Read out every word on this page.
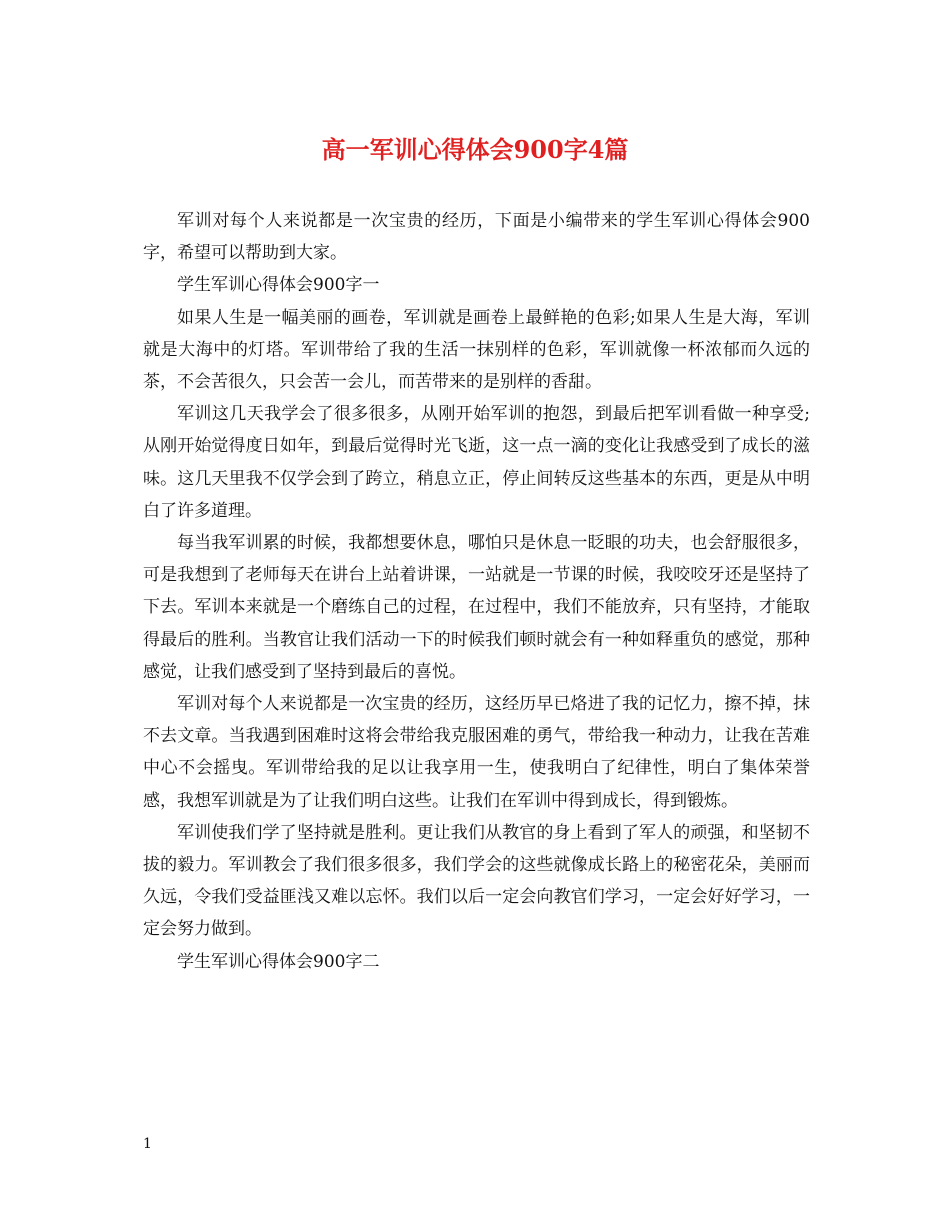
高一军训心得体会900字4篇

军训对每个人来说都是一次宝贵的经历，下面是小编带来的学生军训心得体会900字，希望可以帮助到大家。

学生军训心得体会900字一

如果人生是一幅美丽的画卷，军训就是画卷上最鲜艳的色彩;如果人生是大海，军训就是大海中的灯塔。军训带给了我的生活一抹别样的色彩，军训就像一杯浓郁而久远的茶，不会苦很久，只会苦一会儿，而苦带来的是别样的香甜。

军训这几天我学会了很多很多，从刚开始军训的抱怨，到最后把军训看做一种享受;从刚开始觉得度日如年，到最后觉得时光飞逝，这一点一滴的变化让我感受到了成长的滋味。这几天里我不仅学会到了跨立，稍息立正，停止间转反这些基本的东西，更是从中明白了许多道理。

每当我军训累的时候，我都想要休息，哪怕只是休息一眨眼的功夫，也会舒服很多，可是我想到了老师每天在讲台上站着讲课，一站就是一节课的时候，我咬咬牙还是坚持了下去。军训本来就是一个磨练自己的过程，在过程中，我们不能放弃，只有坚持，才能取得最后的胜利。当教官让我们活动一下的时候我们顿时就会有一种如释重负的感觉，那种感觉，让我们感受到了坚持到最后的喜悦。

军训对每个人来说都是一次宝贵的经历，这经历早已烙进了我的记忆力，擦不掉，抹不去文章。当我遇到困难时这将会带给我克服困难的勇气，带给我一种动力，让我在苦难中心不会摇曳。军训带给我的足以让我享用一生，使我明白了纪律性，明白了集体荣誉感，我想军训就是为了让我们明白这些。让我们在军训中得到成长，得到锻炼。

军训使我们学了坚持就是胜利。更让我们从教官的身上看到了军人的顽强，和坚韧不拔的毅力。军训教会了我们很多很多，我们学会的这些就像成长路上的秘密花朵，美丽而久远，令我们受益匪浅又难以忘怀。我们以后一定会向教官们学习，一定会好好学习，一定会努力做到。

学生军训心得体会900字二

1
